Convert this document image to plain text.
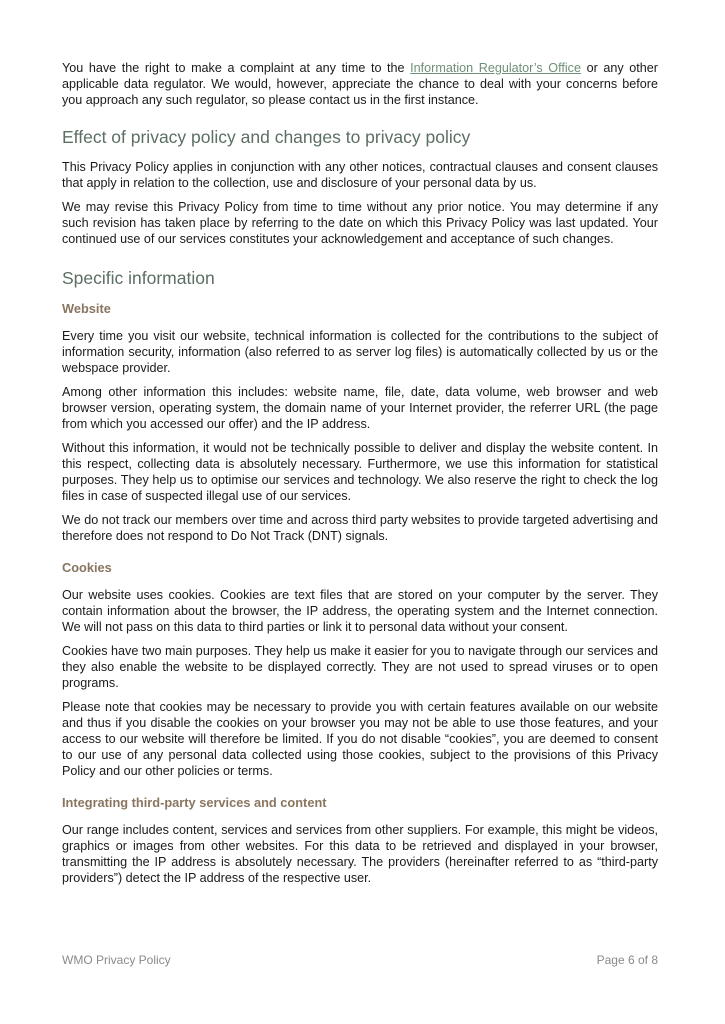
You have the right to make a complaint at any time to the Information Regulator’s Office or any other applicable data regulator. We would, however, appreciate the chance to deal with your concerns before you approach any such regulator, so please contact us in the first instance.

Effect of privacy policy and changes to privacy policy

This Privacy Policy applies in conjunction with any other notices, contractual clauses and consent clauses that apply in relation to the collection, use and disclosure of your personal data by us.

We may revise this Privacy Policy from time to time without any prior notice. You may determine if any such revision has taken place by referring to the date on which this Privacy Policy was last updated. Your continued use of our services constitutes your acknowledgement and acceptance of such changes.

Specific information
Website

Every time you visit our website, technical information is collected for the contributions to the subject of information security, information (also referred to as server log files) is automatically collected by us or the webspace provider.

Among other information this includes: website name, file, date, data volume, web browser and web browser version, operating system, the domain name of your Internet provider, the referrer URL (the page from which you accessed our offer) and the IP address.

Without this information, it would not be technically possible to deliver and display the website content. In this respect, collecting data is absolutely necessary. Furthermore, we use this information for statistical purposes. They help us to optimise our services and technology. We also reserve the right to check the log files in case of suspected illegal use of our services.

We do not track our members over time and across third party websites to provide targeted advertising and therefore does not respond to Do Not Track (DNT) signals.

Cookies

Our website uses cookies. Cookies are text files that are stored on your computer by the server. They contain information about the browser, the IP address, the operating system and the Internet connection. We will not pass on this data to third parties or link it to personal data without your consent.

Cookies have two main purposes. They help us make it easier for you to navigate through our services and they also enable the website to be displayed correctly. They are not used to spread viruses or to open programs.

Please note that cookies may be necessary to provide you with certain features available on our website and thus if you disable the cookies on your browser you may not be able to use those features, and your access to our website will therefore be limited. If you do not disable “cookies”, you are deemed to consent to our use of any personal data collected using those cookies, subject to the provisions of this Privacy Policy and our other policies or terms.

Integrating third-party services and content

Our range includes content, services and services from other suppliers. For example, this might be videos, graphics or images from other websites. For this data to be retrieved and displayed in your browser, transmitting the IP address is absolutely necessary. The providers (hereinafter referred to as “third-party providers”) detect the IP address of the respective user.

WMO Privacy Policy	Page 6 of 8
